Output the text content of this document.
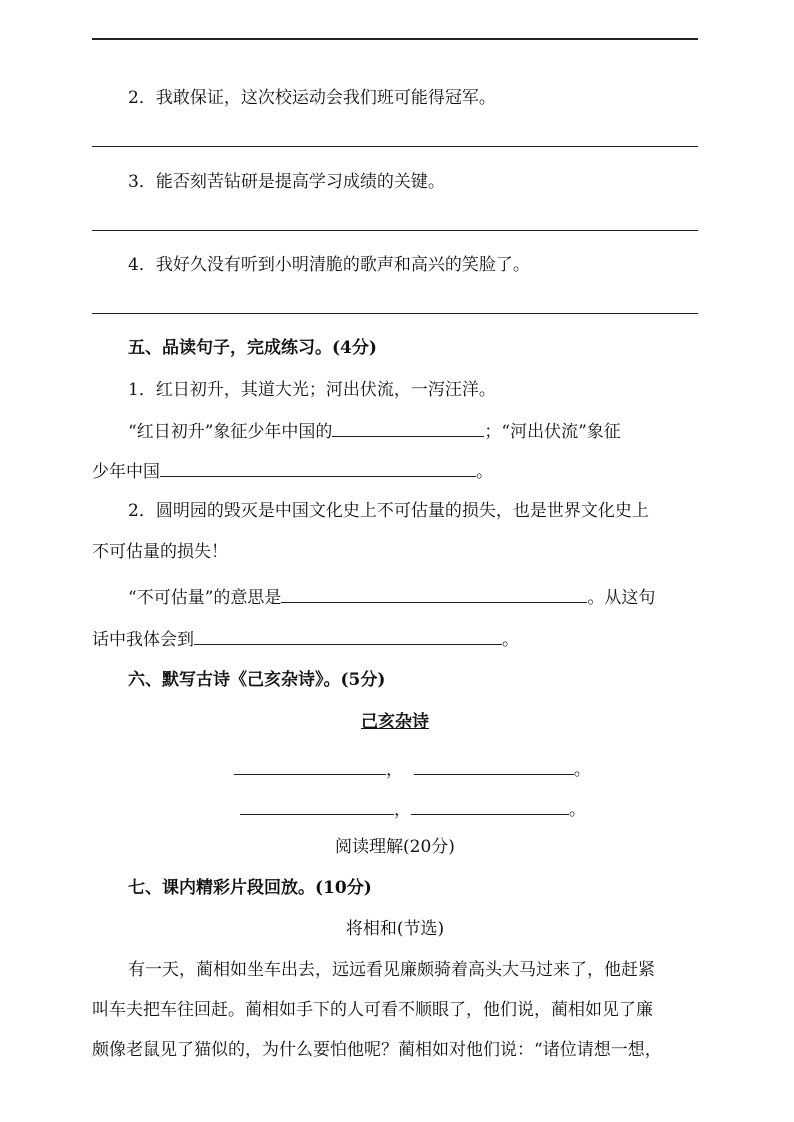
2．我敢保证，这次校运动会我们班可能得冠军。
3．能否刻苦钻研是提高学习成绩的关键。
4．我好久没有听到小明清脆的歌声和高兴的笑脸了。
五、品读句子，完成练习。(4分)
1．红日初升，其道大光；河出伏流，一泻汪洋。
“红日初升”象征少年中国的	；“河出伏流”象征
少年中国	。
2．圆明园的毁灭是中国文化史上不可估量的损失，也是世界文化史上
不可估量的损失！
“不可估量”的意思是	。从这句
话中我体会到	。
六、默写古诗《己亥杂诗》。(5分)
己亥杂诗
，	。
，	。
阅读理解(20分)
七、课内精彩片段回放。(10分)
将相和(节选)
有一天，蔺相如坐车出去，远远看见廉颇骑着高头大马过来了，他赶紧
叫车夫把车往回赶。蔺相如手下的人可看不顺眼了，他们说，蔺相如见了廉
颇像老鼠见了猫似的，为什么要怕他呢？蔺相如对他们说：“诸位请想一想，
